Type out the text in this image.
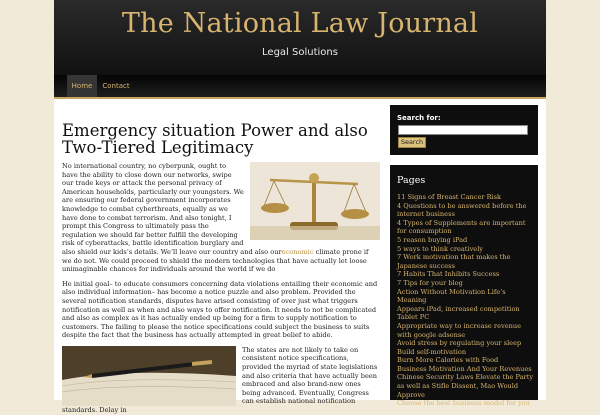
The National Law Journal
Legal Solutions
Home	Contact
Emergency situation Power and also Two-Tiered Legitimacy

No international country, no cyberpunk, ought to have the ability to close down our networks, swipe our trade keys or attack the personal privacy of American households, particularly our youngsters. We are ensuring our federal government incorporates knowledge to combat cyberthreats, equally as we have done to combat terrorism. And also tonight, I prompt this Congress to ultimately pass the regulation we should far better fulfill the developing risk of cyberattacks, battle identification burglary and also shield our kids’s details. We’ll leave our country and also oureconomic climate prone if we do not. We could proceed to shield the modern technologies that have actually let loose unimaginable chances for individuals around the world if we do

He initial goal– to educate consumers concerning data violations entailing their economic and also individual information– has become a notice puzzle and also problem. Provided the several notification standards, disputes have arised consisting of over just what triggers notification as well as when and also ways to offer notification. It needs to not be complicated and also as complex as it has actually ended up being for a firm to supply notification to customers. The failing to please the notice specifications could subject the business to suits despite the fact that the business has actually attempted in great belief to abide.

The states are not likely to take on consistent notice specifications, provided the myriad of state legislations and also criteria that have actually been embraced and also brand-new ones being advanced. Eventually, Congress can establish national notification standards. Delay in

Search for:
Search
Pages
11 Signs of Breast Cancer Risk
4 Questions to be answered before the internet business
4 Types of Supplements are important for consumption
5 reason buying iPad
5 ways to think creatively
7 Work motivation that makes the Japanese success
7 Habits That Inhibits Success
7 Tips for your blog
Action Without Motivation Life’s Meaning
Appears iPad, increased competition Tablet PC
Appropriate way to increase revenue with google adsense
Avoid stress by regulating your sleep
Build self-motivation
Burn More Calories with Food
Business Motivation And Your Revenues
Chinese Security Laws Elevate the Party as well as Stifle Dissent, Mao Would Approve
Choose the best business model for you
